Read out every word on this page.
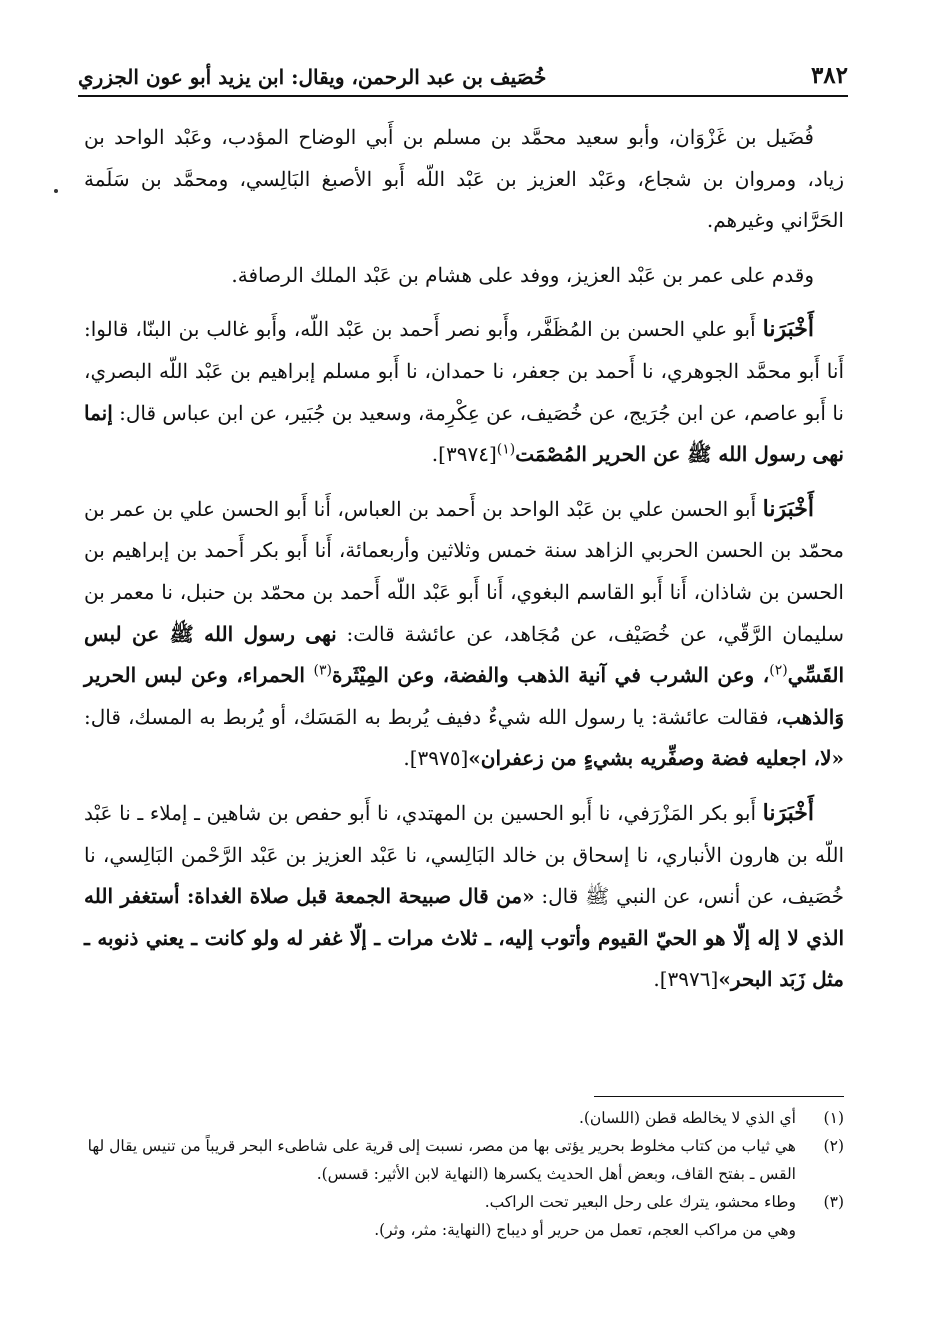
٣٨٢
خُصَيف بن عبد الرحمن، ويقال: ابن يزيد أبو عون الجزري

فُضَيل بن غَزْوَان، وأبو سعيد محمَّد بن مسلم بن أَبي الوضاح المؤدب، وعَبْد الواحد بن زياد، ومروان بن شجاع، وعَبْد العزيز بن عَبْد اللّه أَبو الأصبغ البَالِسي، ومحمَّد بن سَلَمة الحَرَّاني وغيرهم.

وقدم على عمر بن عَبْد العزيز، ووفد على هشام بن عَبْد الملك الرصافة.

أَخْبَرَنا أَبو علي الحسن بن المُظَفَّر، وأَبو نصر أَحمد بن عَبْد اللّه، وأَبو غالب بن البنّا، قالوا: أَنا أَبو محمَّد الجوهري، نا أَحمد بن جعفر، نا حمدان، نا أَبو مسلم إبراهيم بن عَبْد اللّه البصري، نا أَبو عاصم، عن ابن جُرَيج، عن خُصَيف، عن عِكْرِمة، وسعيد بن جُبَير، عن ابن عباس قال: إنما نهى رسول الله ﷺ عن الحرير المُصْمَت$^{(١)}$[٣٩٧٤].

أَخْبَرَنا أَبو الحسن علي بن عَبْد الواحد بن أَحمد بن العباس، أَنا أَبو الحسن علي بن عمر بن محمّد بن الحسن الحربي الزاهد سنة خمس وثلاثين وأربعمائة، أَنا أَبو بكر أَحمد بن إبراهيم بن الحسن بن شاذان، أَنا أَبو القاسم البغوي، أَنا أَبو عَبْد اللّه أَحمد بن محمّد بن حنبل، نا معمر بن سليمان الرَّقّي، عن خُصَيْف، عن مُجَاهد، عن عائشة قالت: نهى رسول الله ﷺ عن لبس القَسِّي$^{(٢)}$، وعن الشرب في آنية الذهب والفضة، وعن المِيْثَرة$^{(٣)}$ الحمراء، وعن لبس الحرير وَالذهب، فقالت عائشة: يا رسول الله شيءٌ دفيف يُربط به المَسَك، أو يُربط به المسك، قال: «لا، اجعليه فضة وصفِّريه بشيءٍ من زعفران»[٣٩٧٥].

أَخْبَرَنا أَبو بكر المَزْرَفي، نا أَبو الحسين بن المهتدي، نا أَبو حفص بن شاهين ـ إملاء ـ نا عَبْد اللّه بن هارون الأنباري، نا إسحاق بن خالد البَالِسي، نا عَبْد العزيز بن عَبْد الرَّحْمن البَالِسي، نا خُصَيف، عن أنس، عن النبي ﷺ قال: «من قال صبيحة الجمعة قبل صلاة الغداة: أستغفر الله الذي لا إله إلّا هو الحيّ القيوم وأتوب إليه، ـ ثلاث مرات ـ إلّا غفر له ولو كانت ـ يعني ذنوبه ـ مثل زَبَد البحر»[٣٩٧٦].

(١)
أي الذي لا يخالطه قطن (اللسان).
(٢)
هي ثياب من كتاب مخلوط بحرير يؤتى بها من مصر، نسبت إلى قرية على شاطىء البحر قريباً من تنيس يقال لها القس ـ بفتح القاف، وبعض أهل الحديث يكسرها (النهاية لابن الأثير: قسس).
(٣)
وطاء محشو، يترك على رحل البعير تحت الراكب.
وهي من مراكب العجم، تعمل من حرير أو ديباج (النهاية: مثر، وثر).
